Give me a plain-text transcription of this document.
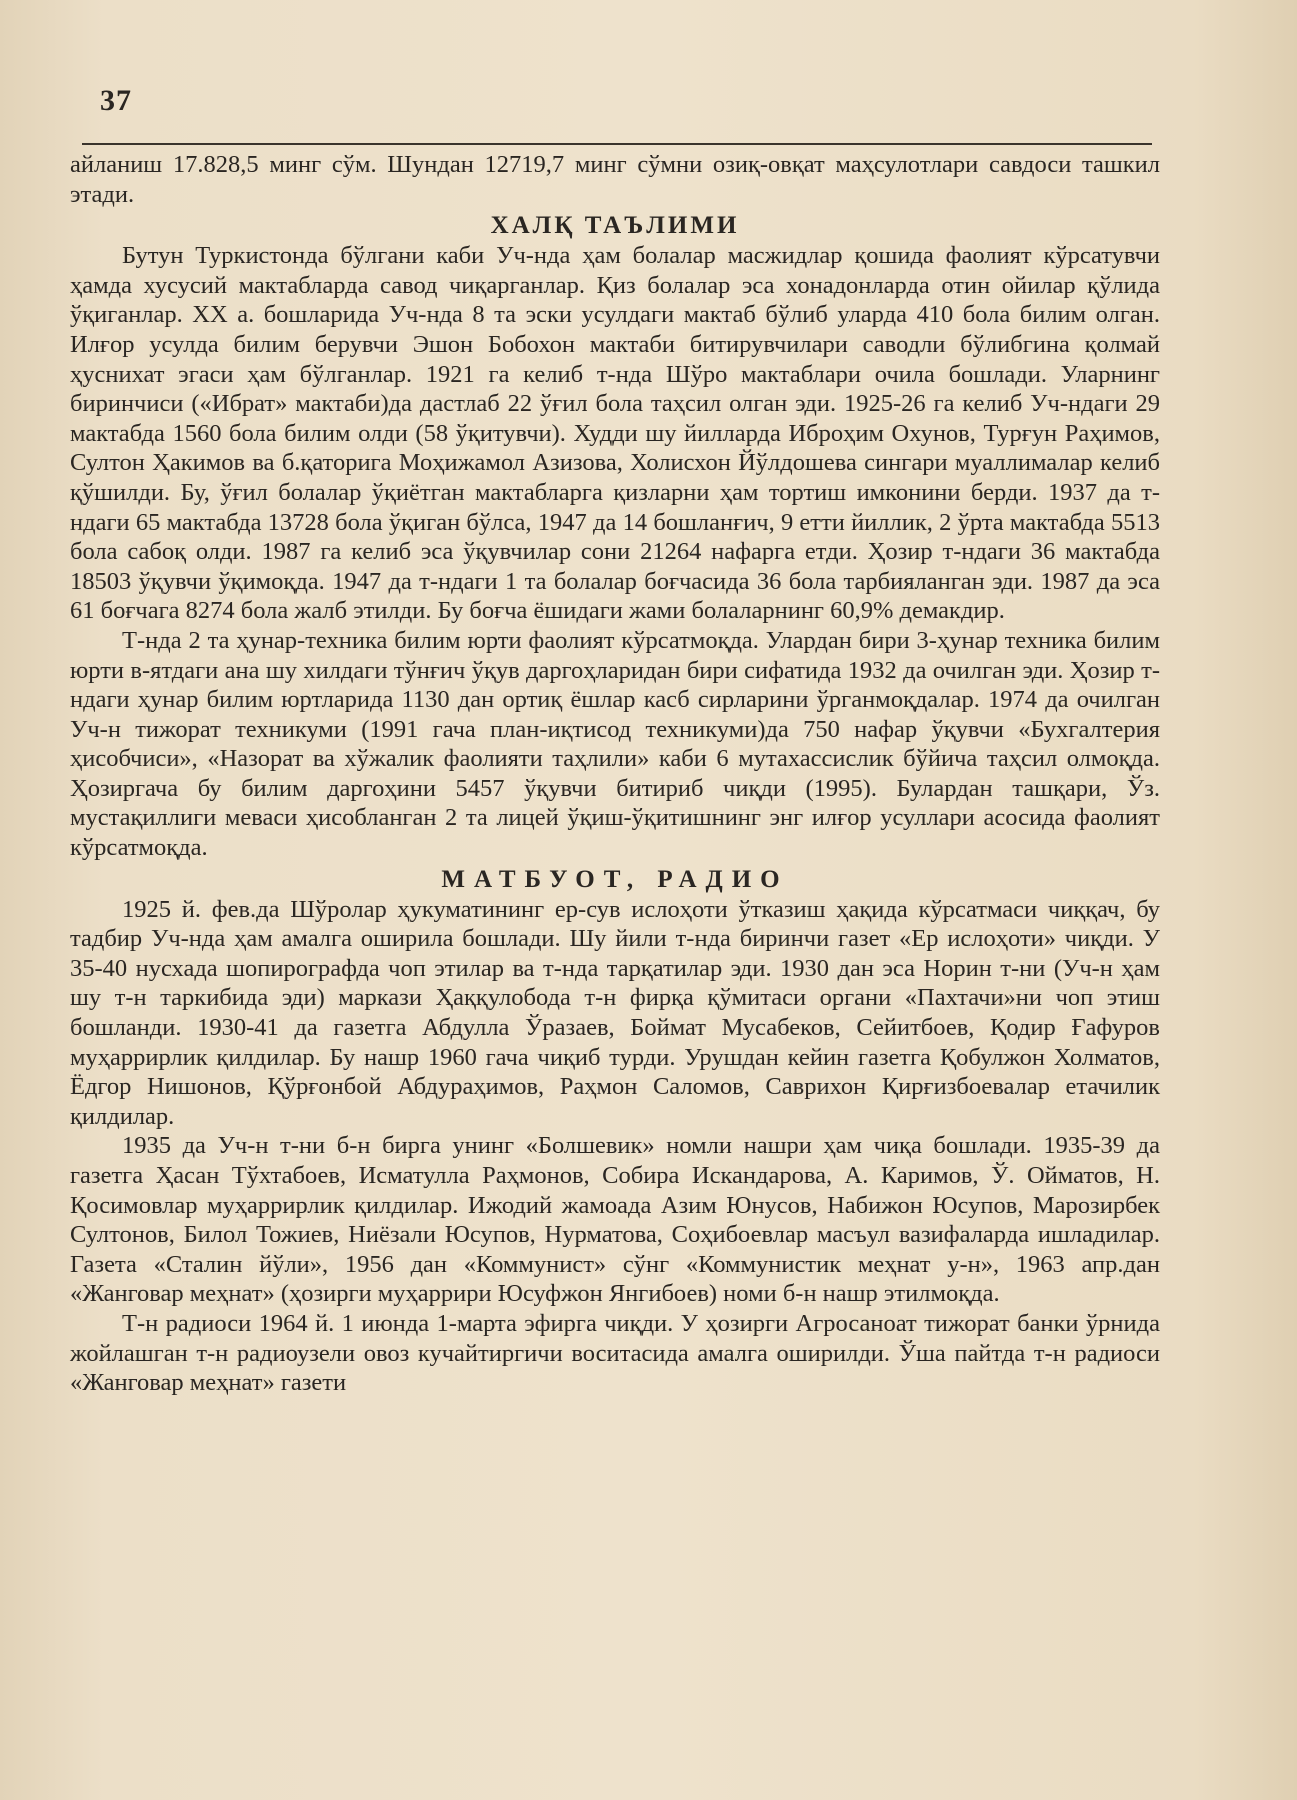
37

айланиш 17.828,5 минг сўм. Шундан 12719,7 минг сўмни озиқ-овқат маҳсулотлари савдоси ташкил этади.

ХАЛҚ ТАЪЛИМИ

Бутун Туркистонда бўлгани каби Уч-нда ҳам болалар масжидлар қошида фаолият кўрсатувчи ҳамда хусусий мактабларда савод чиқарганлар. Қиз болалар эса хонадонларда отин ойилар қўлида ўқиганлар. XX а. бошларида Уч-нда 8 та эски усулдаги мактаб бўлиб уларда 410 бола билим олган. Илғор усулда билим берувчи Эшон Бобохон мактаби битирувчилари саводли бўлибгина қолмай ҳуснихат эгаси ҳам бўлганлар. 1921 га келиб т-нда Шўро мактаблари очила бошлади. Уларнинг биринчиси («Ибрат» мактаби)да дастлаб 22 ўғил бола таҳсил олган эди. 1925-26 га келиб Уч-ндаги 29 мактабда 1560 бола билим олди (58 ўқитувчи). Худди шу йилларда Иброҳим Охунов, Турғун Раҳимов, Султон Ҳакимов ва б.қаторига Моҳижамол Азизова, Холисхон Йўлдошева сингари муаллималар келиб қўшилди. Бу, ўғил болалар ўқиётган мактабларга қизларни ҳам тортиш имконини берди. 1937 да т-ндаги 65 мактабда 13728 бола ўқиган бўлса, 1947 да 14 бошланғич, 9 етти йиллик, 2 ўрта мактабда 5513 бола сабоқ олди. 1987 га келиб эса ўқувчилар сони 21264 нафарга етди. Ҳозир т-ндаги 36 мактабда 18503 ўқувчи ўқимоқда. 1947 да т-ндаги 1 та болалар боғчасида 36 бола тарбияланган эди. 1987 да эса 61 боғчага 8274 бола жалб этилди. Бу боғча ёшидаги жами болаларнинг 60,9% демакдир.

Т-нда 2 та ҳунар-техника билим юрти фаолият кўрсатмоқда. Улардан бири 3-ҳунар техника билим юрти в-ятдаги ана шу хилдаги тўнғич ўқув даргоҳларидан бири сифатида 1932 да очилган эди. Ҳозир т-ндаги ҳунар билим юртларида 1130 дан ортиқ ёшлар касб сирларини ўрганмоқдалар. 1974 да очилган Уч-н тижорат техникуми (1991 гача план-иқтисод техникуми)да 750 нафар ўқувчи «Бухгалтерия ҳисобчиси», «Назорат ва хўжалик фаолияти таҳлили» каби 6 мутахассислик бўйича таҳсил олмоқда. Ҳозиргача бу билим даргоҳини 5457 ўқувчи битириб чиқди (1995). Булардан ташқари, Ўз. мустақиллиги меваси ҳисобланган 2 та лицей ўқиш-ўқитишнинг энг илғор усуллари асосида фаолият кўрсатмоқда.

МАТБУОТ, РАДИО

1925 й. фев.да Шўролар ҳукуматининг ер-сув ислоҳоти ўтказиш ҳақида кўрсатмаси чиққач, бу тадбир Уч-нда ҳам амалга оширила бошлади. Шу йили т-нда биринчи газет «Ер ислоҳоти» чиқди. У 35-40 нусхада шопирографда чоп этилар ва т-нда тарқатилар эди. 1930 дан эса Норин т-ни (Уч-н ҳам шу т-н таркибида эди) маркази Ҳаққулобода т-н фирқа қўмитаси органи «Пахтачи»ни чоп этиш бошланди. 1930-41 да газетга Абдулла Ўразаев, Боймат Мусабеков, Сейитбоев, Қодир Ғафуров муҳаррирлик қилдилар. Бу нашр 1960 гача чиқиб турди. Урушдан кейин газетга Қобулжон Холматов, Ёдгор Нишонов, Қўрғонбой Абдураҳимов, Раҳмон Саломов, Саврихон Қирғизбоевалар етачилик қилдилар.

1935 да Уч-н т-ни б-н бирга унинг «Болшевик» номли нашри ҳам чиқа бошлади. 1935-39 да газетга Ҳасан Тўхтабоев, Исматулла Раҳмонов, Собира Искандарова, А. Каримов, Ў. Ойматов, Н. Қосимовлар муҳаррирлик қилдилар. Ижодий жамоада Азим Юнусов, Набижон Юсупов, Марозирбек Султонов, Билол Тожиев, Ниёзали Юсупов, Нурматова, Соҳибоевлар масъул вазифаларда ишладилар. Газета «Сталин йўли», 1956 дан «Коммунист» сўнг «Коммунистик меҳнат у-н», 1963 апр.дан «Жанговар меҳнат» (ҳозирги муҳаррири Юсуфжон Янгибоев) номи б-н нашр этилмоқда.

Т-н радиоси 1964 й. 1 июнда 1-марта эфирга чиқди. У ҳозирги Агросаноат тижорат банки ўрнида жойлашган т-н радиоузели овоз кучайтиргичи воситасида амалга оширилди. Ўша пайтда т-н радиоси «Жанговар меҳнат» газети
